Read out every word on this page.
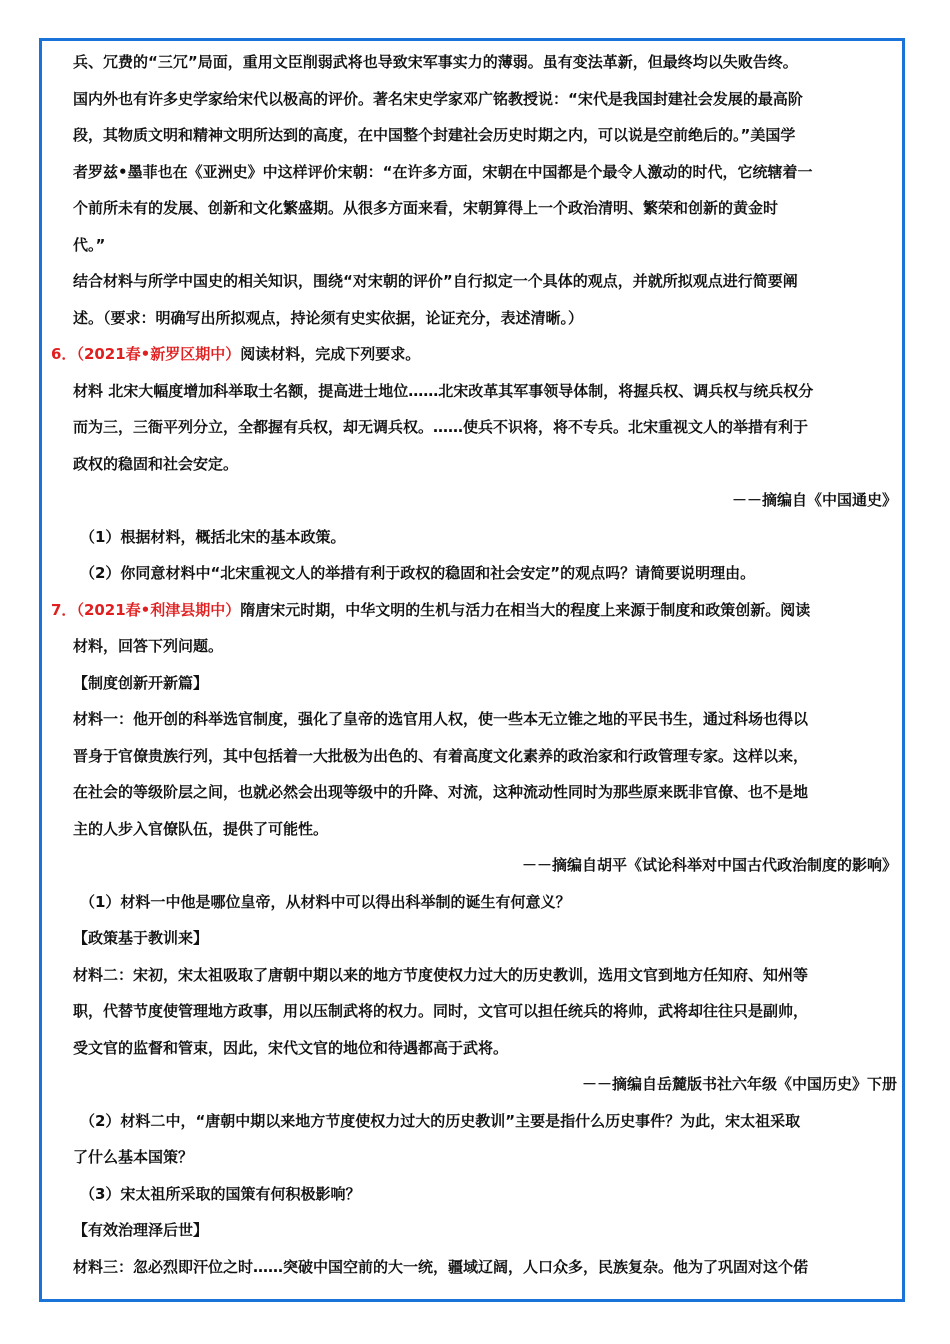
兵、冗费的“三冗”局面，重用文臣削弱武将也导致宋军事实力的薄弱。虽有变法革新，但最终均以失败告终。
国内外也有许多史学家给宋代以极高的评价。著名宋史学家邓广铭教授说：“宋代是我国封建社会发展的最高阶
段，其物质文明和精神文明所达到的高度，在中国整个封建社会历史时期之内，可以说是空前绝后的。”美国学
者罗兹•墨菲也在《亚洲史》中这样评价宋朝：“在许多方面，宋朝在中国都是个最令人激动的时代，它统辖着一
个前所未有的发展、创新和文化繁盛期。从很多方面来看，宋朝算得上一个政治清明、繁荣和创新的黄金时
代。”
结合材料与所学中国史的相关知识，围绕“对宋朝的评价”自行拟定一个具体的观点，并就所拟观点进行简要阐
述。（要求：明确写出所拟观点，持论须有史实依据，论证充分，表述清晰。）
6．（2021春•新罗区期中）阅读材料，完成下列要求。
材料 北宋大幅度增加科举取士名额，提高进士地位……北宋改革其军事领导体制，将握兵权、调兵权与统兵权分
而为三，三衙平列分立，全都握有兵权，却无调兵权。……使兵不识将，将不专兵。北宋重视文人的举措有利于
政权的稳固和社会安定。
－－摘编自《中国通史》
（1）根据材料，概括北宋的基本政策。
（2）你同意材料中“北宋重视文人的举措有利于政权的稳固和社会安定”的观点吗？请简要说明理由。
7．（2021春•利津县期中）隋唐宋元时期，中华文明的生机与活力在相当大的程度上来源于制度和政策创新。阅读
材料，回答下列问题。
【制度创新开新篇】
材料一：他开创的科举选官制度，强化了皇帝的选官用人权，使一些本无立锥之地的平民书生，通过科场也得以
晋身于官僚贵族行列，其中包括着一大批极为出色的、有着高度文化素养的政治家和行政管理专家。这样以来，
在社会的等级阶层之间，也就必然会出现等级中的升降、对流，这种流动性同时为那些原来既非官僚、也不是地
主的人步入官僚队伍，提供了可能性。
－－摘编自胡平《试论科举对中国古代政治制度的影响》
（1）材料一中他是哪位皇帝，从材料中可以得出科举制的诞生有何意义？
【政策基于教训来】
材料二：宋初，宋太祖吸取了唐朝中期以来的地方节度使权力过大的历史教训，选用文官到地方任知府、知州等
职，代替节度使管理地方政事，用以压制武将的权力。同时，文官可以担任统兵的将帅，武将却往往只是副帅，
受文官的监督和管束，因此，宋代文官的地位和待遇都高于武将。
－－摘编自岳麓版书社六年级《中国历史》下册
（2）材料二中，“唐朝中期以来地方节度使权力过大的历史教训”主要是指什么历史事件？为此，宋太祖采取
了什么基本国策？
（3）宋太祖所采取的国策有何积极影响？
【有效治理泽后世】
材料三：忽必烈即汗位之时……突破中国空前的大一统，疆域辽阔，人口众多，民族复杂。他为了巩固对这个偌
